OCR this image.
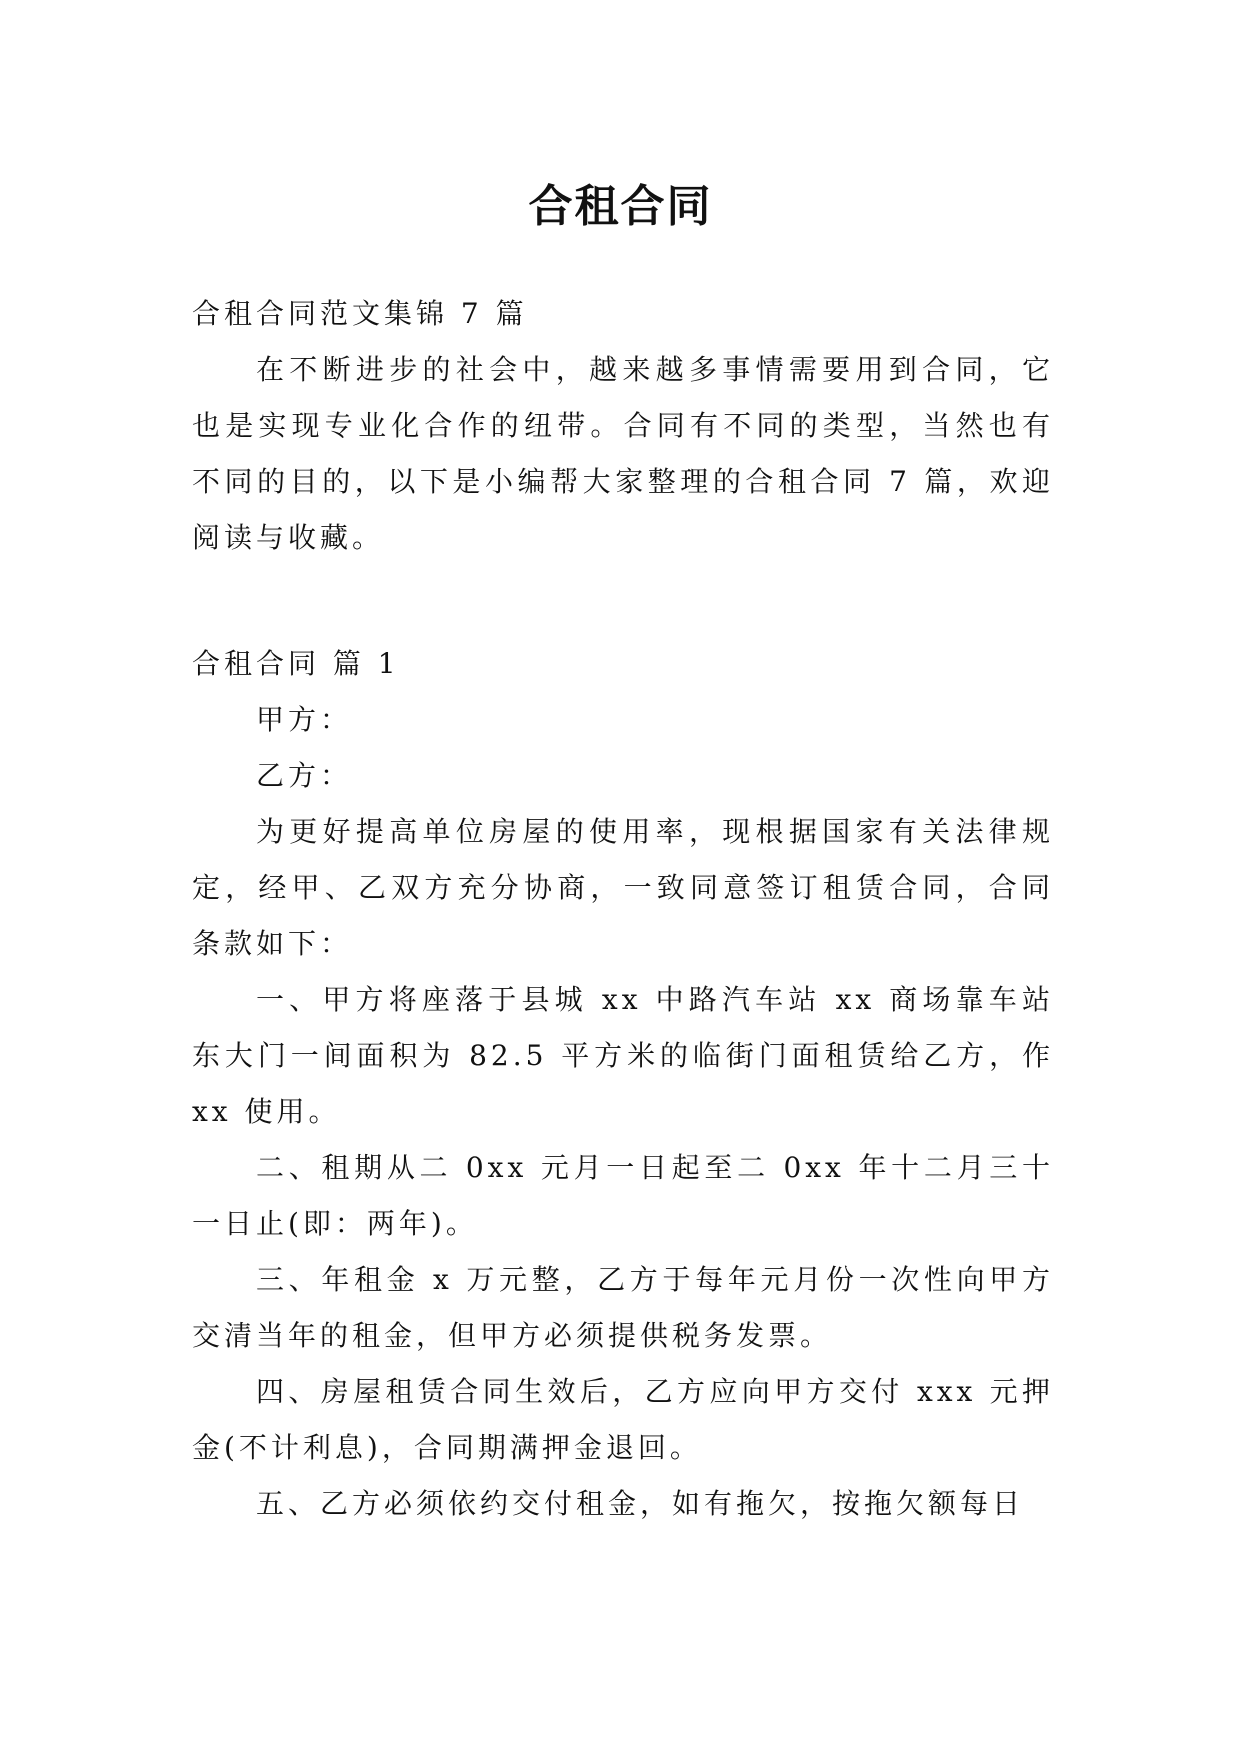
合租合同

合租合同范文集锦 7 篇

在不断进步的社会中，越来越多事情需要用到合同，它也是实现专业化合作的纽带。合同有不同的类型，当然也有不同的目的，以下是小编帮大家整理的合租合同 7 篇，欢迎阅读与收藏。

合租合同 篇 1

甲方：

乙方：

为更好提高单位房屋的使用率，现根据国家有关法律规定，经甲、乙双方充分协商，一致同意签订租赁合同，合同条款如下：

一、甲方将座落于县城 xx 中路汽车站 xx 商场靠车站东大门一间面积为 82.5 平方米的临街门面租赁给乙方，作 xx 使用。

二、租期从二 0xx 元月一日起至二 0xx 年十二月三十一日止(即：两年)。

三、年租金 x 万元整，乙方于每年元月份一次性向甲方交清当年的租金，但甲方必须提供税务发票。

四、房屋租赁合同生效后，乙方应向甲方交付 xxx 元押金(不计利息)，合同期满押金退回。

五、乙方必须依约交付租金，如有拖欠，按拖欠额每日
